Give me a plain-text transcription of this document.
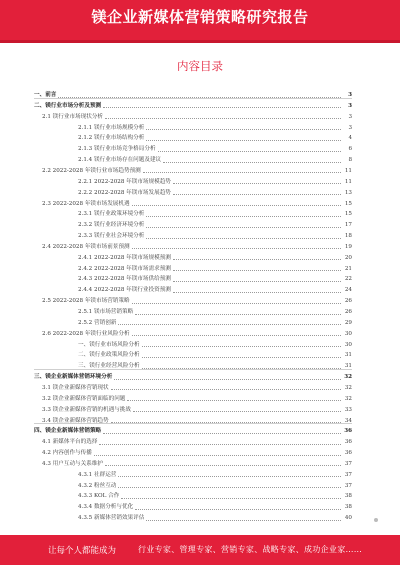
镁企业新媒体营销策略研究报告
内容目录
一、前言	3
二、镁行业市场分析及预测	3
2.1 镁行业市场现状分析	3
2.1.1 镁行业市场规模分析	3
2.1.2 镁行业市场结构分析	4
2.1.3 镁行业市场竞争格局分析	6
2.1.4 镁行业市场存在问题及建议	8
2.2 2022-2028 年镁行业市场趋势预测	11
2.2.1 2022-2028 年镁市场规模趋势	11
2.2.2 2022-2028 年镁市场发展趋势	13
2.3 2022-2028 年镁市场发展机遇	15
2.3.1 镁行业政策环境分析	15
2.3.2 镁行业经济环境分析	17
2.3.3 镁行业社会环境分析	18
2.4 2022-2028 年镁市场前景预测	19
2.4.1 2022-2028 年镁市场规模预测	20
2.4.2 2022-2028 年镁市场需求预测	21
2.4.3 2022-2028 年镁市场供给预测	22
2.4.4 2022-2028 年镁行业投资预测	24
2.5 2022-2028 年镁市场营销策略	26
2.5.1 镁市场营销策略	26
2.5.2 营销创新	29
2.6 2022-2028 年镁行业风险分析	30
一、镁行业市场风险分析	30
二、镁行业政策风险分析	31
三、镁行业经营风险分析	31
三、镁企业新媒体营销环境分析	32
3.1 镁企业新媒体营销现状	32
3.2 镁企业新媒体营销面临的问题	32
3.3 镁企业新媒体营销的机遇与挑战	33
3.4 镁企业新媒体营销趋势	34
四、镁企业新媒体营销策略	36
4.1 新媒体平台的选择	36
4.2 内容创作与传播	36
4.3 用户互动与关系维护	37
4.3.1 社群运营	37
4.3.2 粉丝互动	37
4.3.3 KOL 合作	38
4.3.4 数据分析与优化	38
4.3.5 新媒体营销效果评估	40
让每个人都能成为	行业专家、管理专家、营销专家、战略专家、成功企业家……
